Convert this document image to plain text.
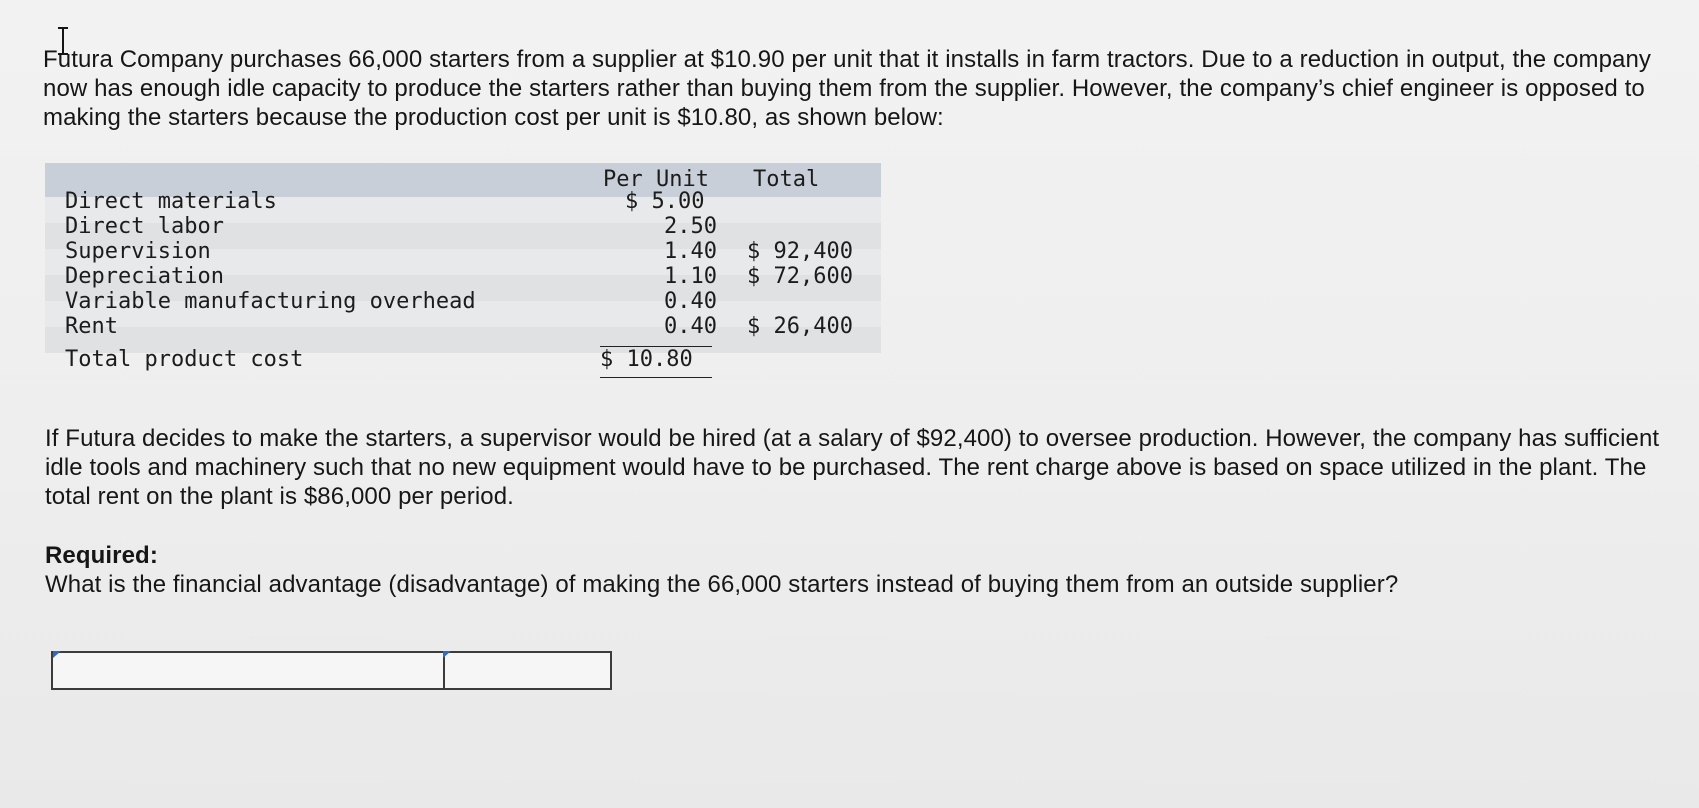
Futura Company purchases 66,000 starters from a supplier at $10.90 per unit that it installs in farm tractors. Due to a reduction in output, the company now has enough idle capacity to produce the starters rather than buying them from the supplier. However, the company’s chief engineer is opposed to making the starters because the production cost per unit is $10.80, as shown below:
Per Unit Total
Direct materials	$ 5.00
Direct labor	2.50
Supervision	1.40 $ 92,400
Depreciation	1.10 $ 72,600
Variable manufacturing overhead	0.40
Rent	0.40 $ 26,400
Total product cost	$ 10.80
If Futura decides to make the starters, a supervisor would be hired (at a salary of $92,400) to oversee production. However, the company has sufficient idle tools and machinery such that no new equipment would have to be purchased. The rent charge above is based on space utilized in the plant. The total rent on the plant is $86,000 per period.
Required:
What is the financial advantage (disadvantage) of making the 66,000 starters instead of buying them from an outside supplier?
